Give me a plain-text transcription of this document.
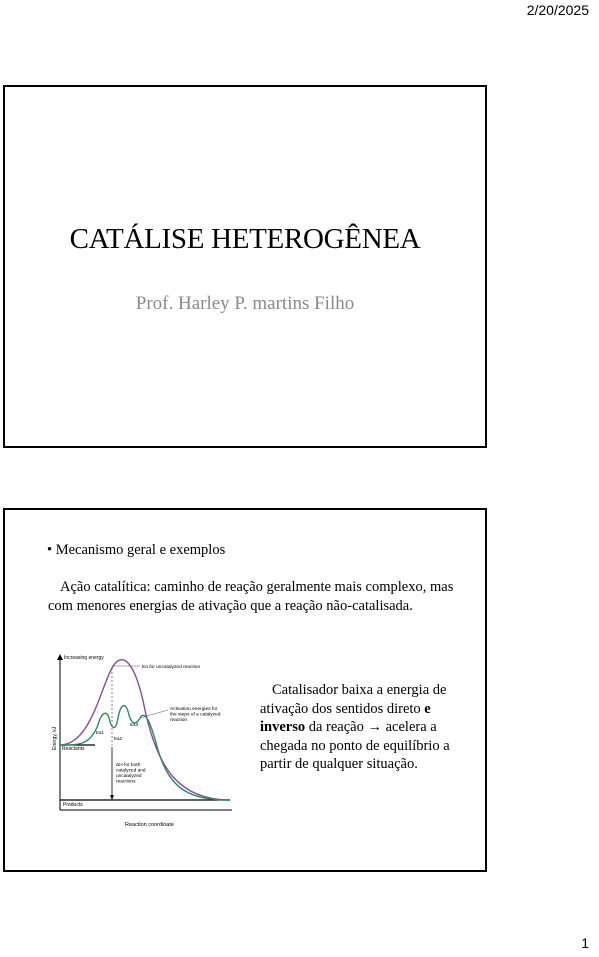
2/20/2025
CATÁLISE HETEROGÊNEA
Prof. Harley P. martins Filho
• Mecanismo geral e exemplos
Ação catalítica: caminho de reação geralmente mais complexo, mas com menores energias de ativação que a reação não-catalisada.
Increasing energy
Energy, kJ
Reaction coordinate
Reactants
Products
Ea for uncatalyzed reaction
Ea1
Ea2
Ea3
Activation energies for the steps of a catalyzed reaction
ΔH for both catalyzed and uncatalyzed reactions
Catalisador baixa a energia de ativação dos sentidos direto e inverso da reação → acelera a chegada no ponto de equilíbrio a partir de qualquer situação.
1
